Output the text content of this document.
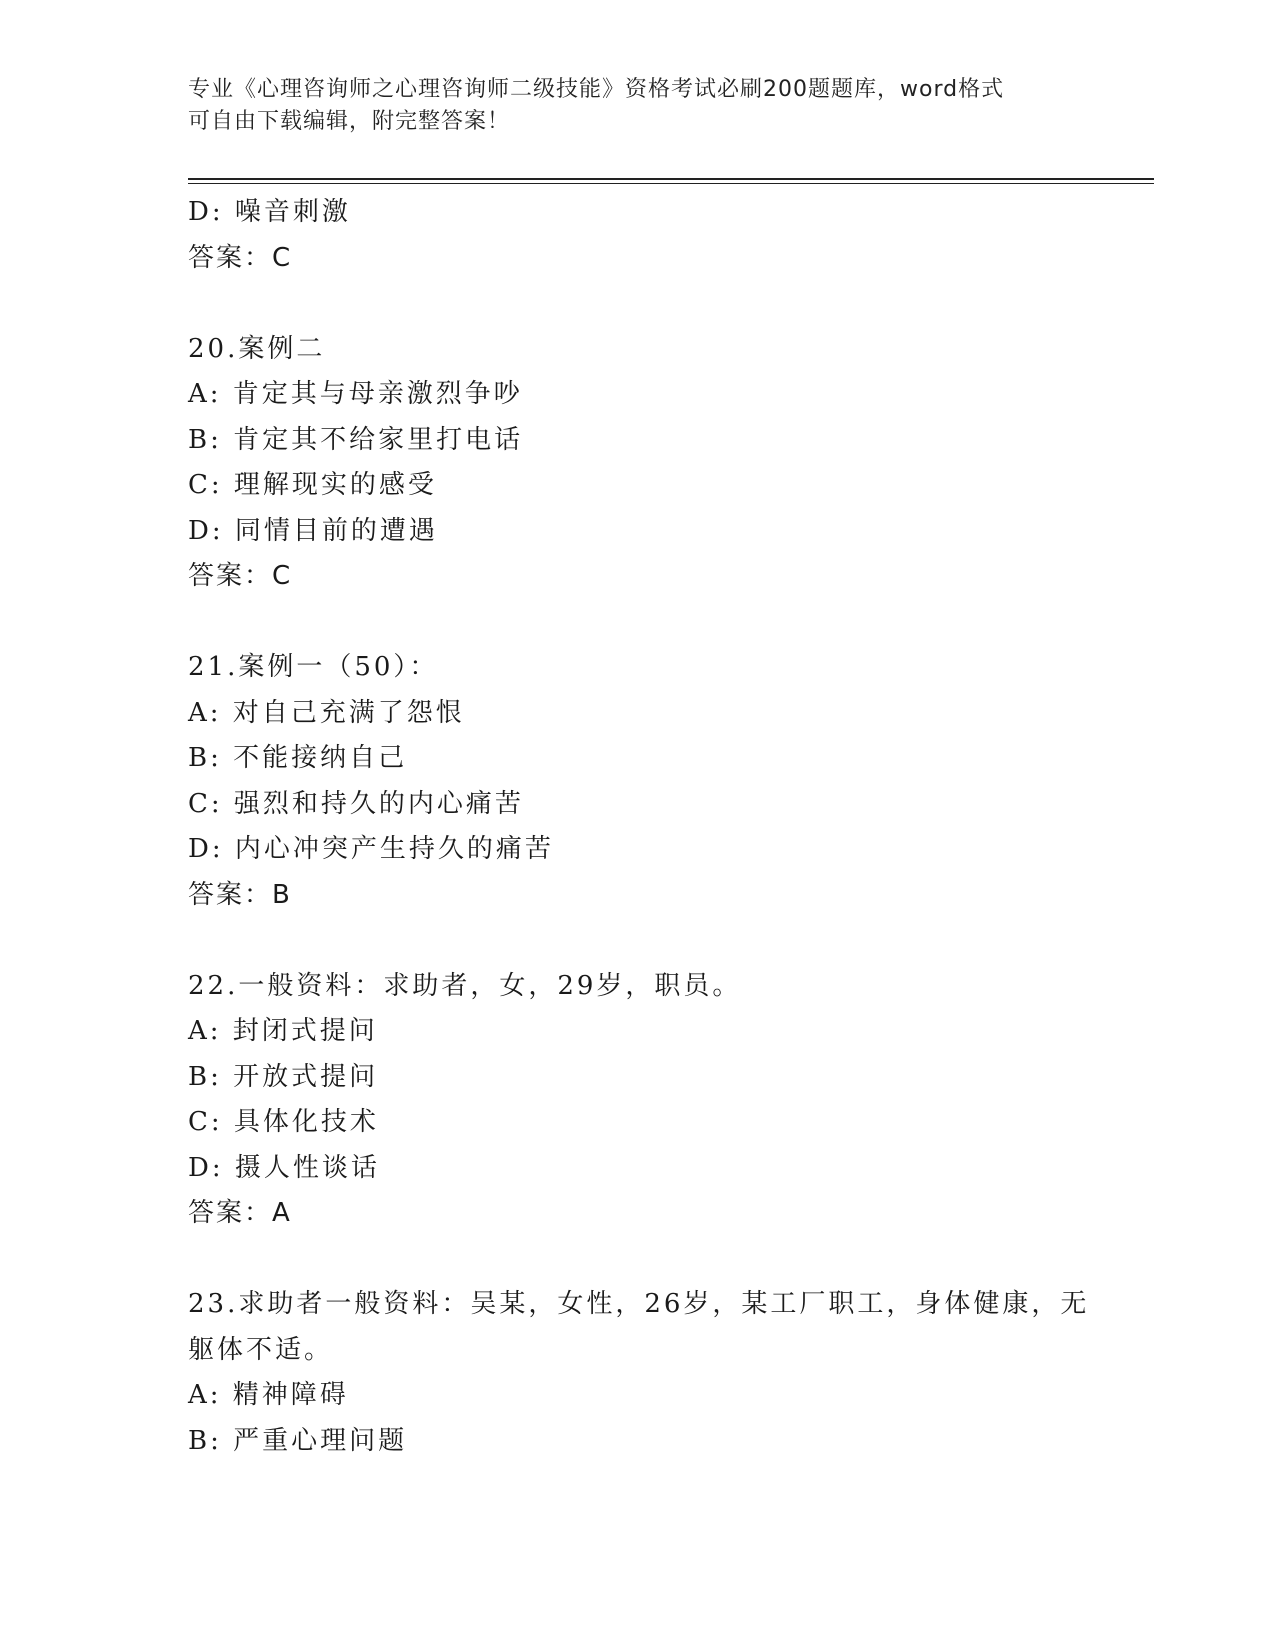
专业《心理咨询师之心理咨询师二级技能》资格考试必刷200题题库，word格式
可自由下载编辑，附完整答案！
D: 噪音刺激
答案：C
20.案例二
A: 肯定其与母亲激烈争吵
B: 肯定其不给家里打电话
C: 理解现实的感受
D: 同情目前的遭遇
答案：C
21.案例一（50）：
A: 对自己充满了怨恨
B: 不能接纳自己
C: 强烈和持久的内心痛苦
D: 内心冲突产生持久的痛苦
答案：B
22.一般资料：求助者，女，29岁，职员。
A: 封闭式提问
B: 开放式提问
C: 具体化技术
D: 摄人性谈话
答案：A
23.求助者一般资料：吴某，女性，26岁，某工厂职工，身体健康，无
躯体不适。
A: 精神障碍
B: 严重心理问题
